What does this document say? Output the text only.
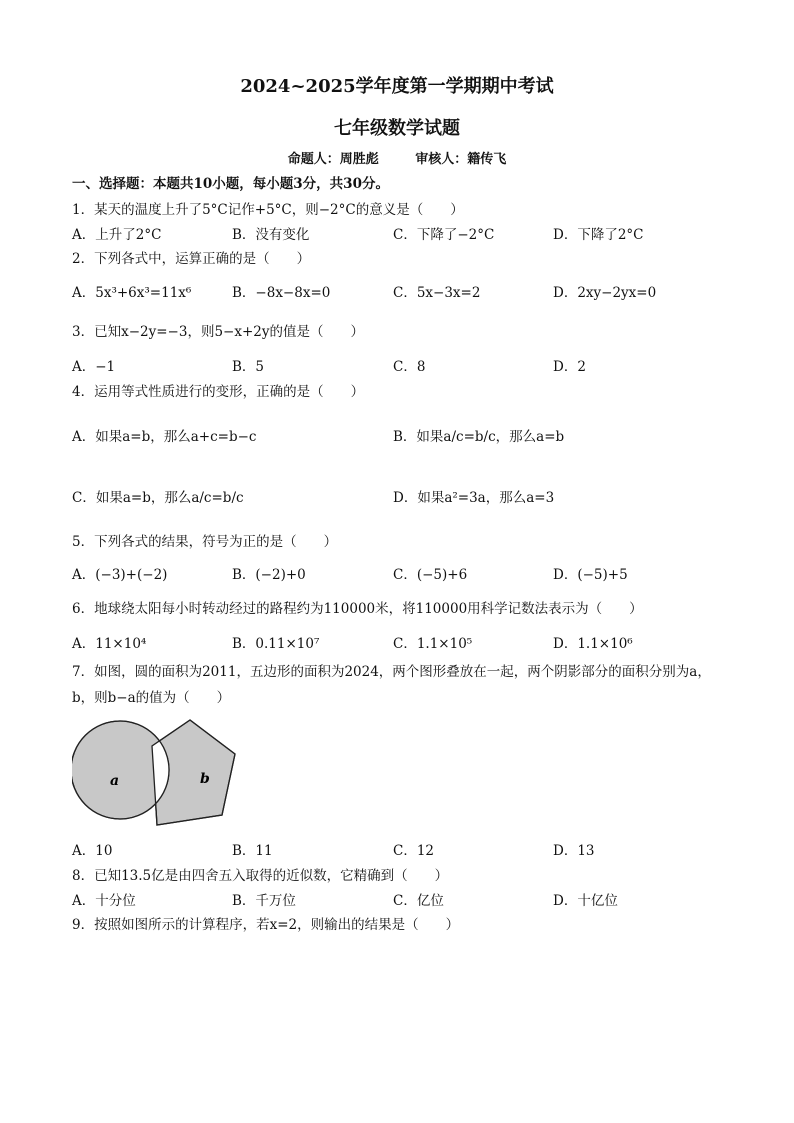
2024~2025学年度第一学期期中考试
七年级数学试题
命题人：周胜彪	审核人：籍传飞
一、选择题：本题共10小题，每小题3分，共30分。
1．某天的温度上升了5°C记作+5°C，则−2°C的意义是（　　）
A．上升了2°C	B．没有变化	C．下降了−2°C	D．下降了2°C
2．下列各式中，运算正确的是（　　）
A．5x³+6x³=11x⁶	B．−8x−8x=0	C．5x−3x=2	D．2xy−2yx=0
3．已知x−2y=−3，则5−x+2y的值是（　　）
A．−1	B．5	C．8	D．2
4．运用等式性质进行的变形，正确的是（　　）
A．如果a=b，那么a+c=b−c	B．如果a/c=b/c，那么a=b
C．如果a=b，那么a/c=b/c	D．如果a²=3a，那么a=3
5．下列各式的结果，符号为正的是（　　）
A．(−3)+(−2)	B．(−2)+0	C．(−5)+6	D．(−5)+5
6．地球绕太阳每小时转动经过的路程约为110000米，将110000用科学记数法表示为（　　）
A．11×10⁴	B．0.11×10⁷	C．1.1×10⁵	D．1.1×10⁶
7．如图，圆的面积为2011，五边形的面积为2024，两个图形叠放在一起，两个阴影部分的面积分别为a，b，则b−a的值为（　　）
a	b
A．10	B．11	C．12	D．13
8．已知13.5亿是由四舍五入取得的近似数，它精确到（　　）
A．十分位	B．千万位	C．亿位	D．十亿位
9．按照如图所示的计算程序，若x=2，则输出的结果是（　　）
